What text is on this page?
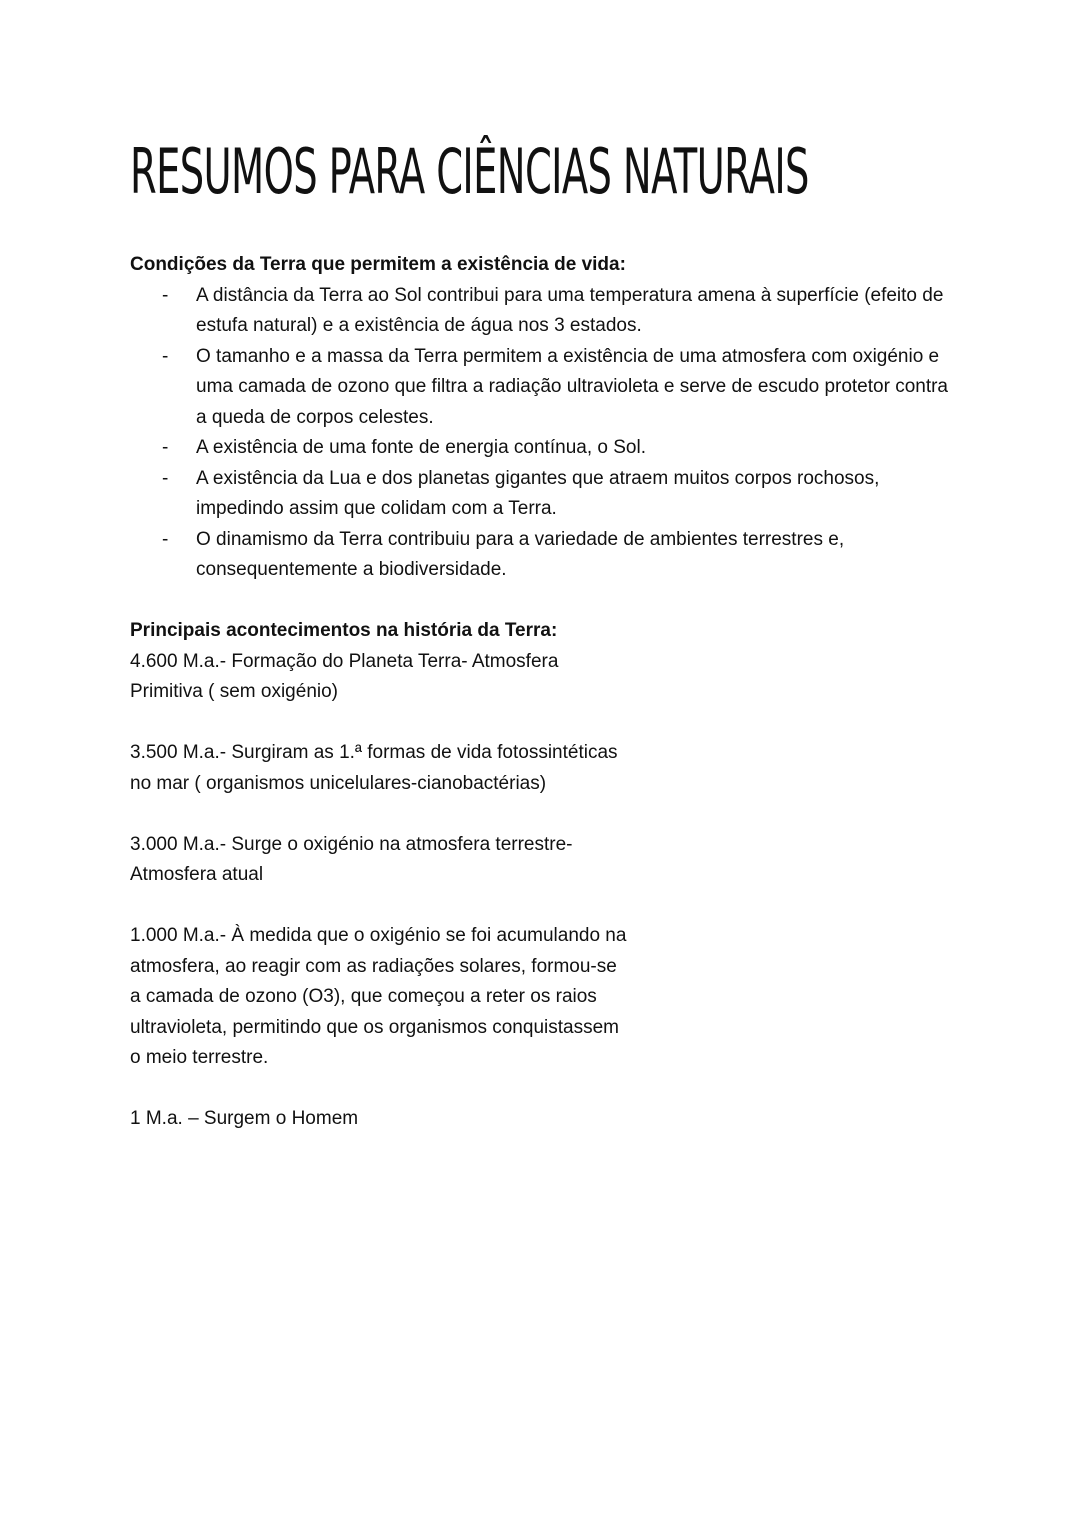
RESUMOS PARA CIÊNCIAS NATURAIS

Condições da Terra que permitem a existência de vida:

- A distância da Terra ao Sol contribui para uma temperatura amena à superfície (efeito de estufa natural) e a existência de água nos 3 estados.
- O tamanho e a massa da Terra permitem a existência de uma atmosfera com oxigénio e uma camada de ozono que filtra a radiação ultravioleta e serve de escudo protetor contra a queda de corpos celestes.
- A existência de uma fonte de energia contínua, o Sol.
- A existência da Lua e dos planetas gigantes que atraem muitos corpos rochosos, impedindo assim que colidam com a Terra.
- O dinamismo da Terra contribuiu para a variedade de ambientes terrestres e, consequentemente a biodiversidade.

Principais acontecimentos na história da Terra:

4.600 M.a.- Formação do Planeta Terra- Atmosfera Primitiva ( sem oxigénio)

3.500 M.a.- Surgiram as 1.ª formas de vida fotossintéticas no mar ( organismos unicelulares-cianobactérias)

3.000 M.a.- Surge o oxigénio na atmosfera terrestre-Atmosfera atual

1.000 M.a.- À medida que o oxigénio se foi acumulando na atmosfera, ao reagir com as radiações solares, formou-se a camada de ozono (O3), que começou a reter os raios ultravioleta, permitindo que os organismos conquistassem o meio terrestre.

1 M.a. – Surgem o Homem
